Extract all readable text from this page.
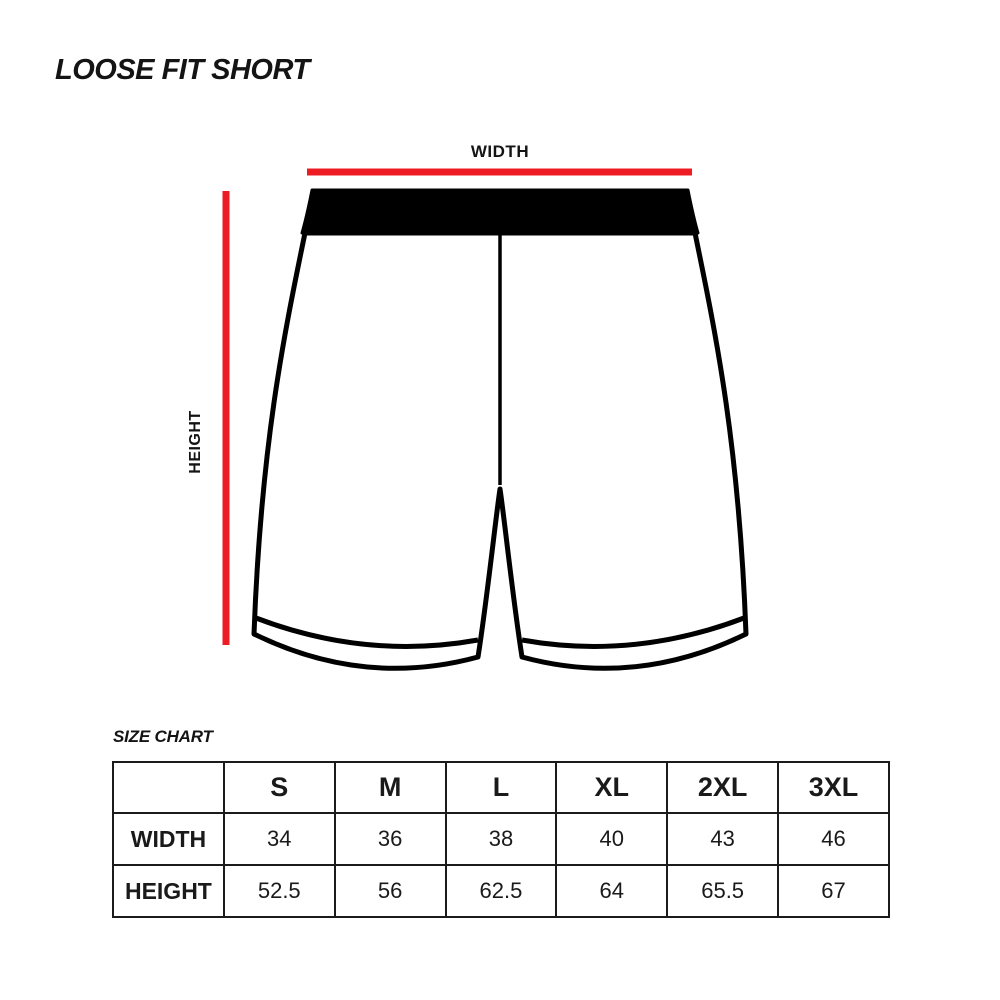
LOOSE FIT SHORT
WIDTH
HEIGHT
SIZE CHART
	S	M	L	XL	2XL	3XL
WIDTH	34	36	38	40	43	46
HEIGHT	52.5	56	62.5	64	65.5	67
